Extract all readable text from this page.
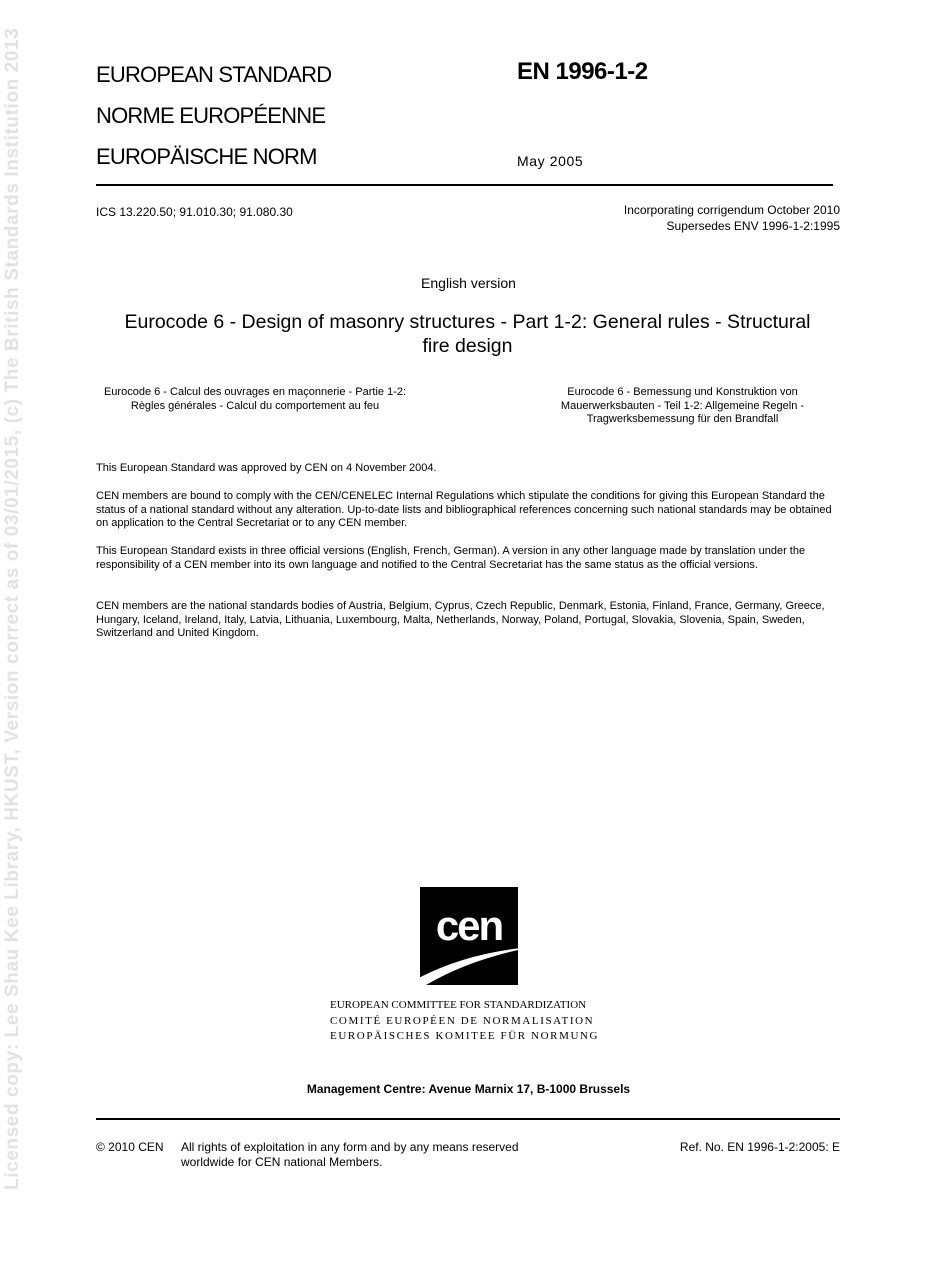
Licensed copy: Lee Shau Kee Library, HKUST, Version correct as of 03/01/2015, (c) The British Standards Institution 2013	EUROPEAN STANDARD
NORME EUROPÉENNE
EUROPÄISCHE NORM
EN 1996-1-2
May 2005
ICS 13.220.50; 91.010.30; 91.080.30	Incorporating corrigendum October 2010
Supersedes ENV 1996-1-2:1995
English version
Eurocode 6 - Design of masonry structures - Part 1-2: General rules - Structural fire design
Eurocode 6 - Calcul des ouvrages en maçonnerie - Partie 1-2: Règles générales - Calcul du comportement au feu
Eurocode 6 - Bemessung und Konstruktion von Mauerwerksbauten - Teil 1-2: Allgemeine Regeln - Tragwerksbemessung für den Brandfall
This European Standard was approved by CEN on 4 November 2004.
CEN members are bound to comply with the CEN/CENELEC Internal Regulations which stipulate the conditions for giving this European Standard the status of a national standard without any alteration. Up-to-date lists and bibliographical references concerning such national standards may be obtained on application to the Central Secretariat or to any CEN member.
This European Standard exists in three official versions (English, French, German). A version in any other language made by translation under the responsibility of a CEN member into its own language and notified to the Central Secretariat has the same status as the official versions.
CEN members are the national standards bodies of Austria, Belgium, Cyprus, Czech Republic, Denmark, Estonia, Finland, France, Germany, Greece, Hungary, Iceland, Ireland, Italy, Latvia, Lithuania, Luxembourg, Malta, Netherlands, Norway, Poland, Portugal, Slovakia, Slovenia, Spain, Sweden, Switzerland and United Kingdom.
cen
EUROPEAN COMMITTEE FOR STANDARDIZATION
COMITÉ EUROPÉEN DE NORMALISATION
EUROPÄISCHES KOMITEE FÜR NORMUNG
Management Centre: Avenue Marnix 17, B-1000 Brussels
© 2010 CEN All rights of exploitation in any form and by any means reserved
worldwide for CEN national Members.
Ref. No. EN 1996-1-2:2005: E
